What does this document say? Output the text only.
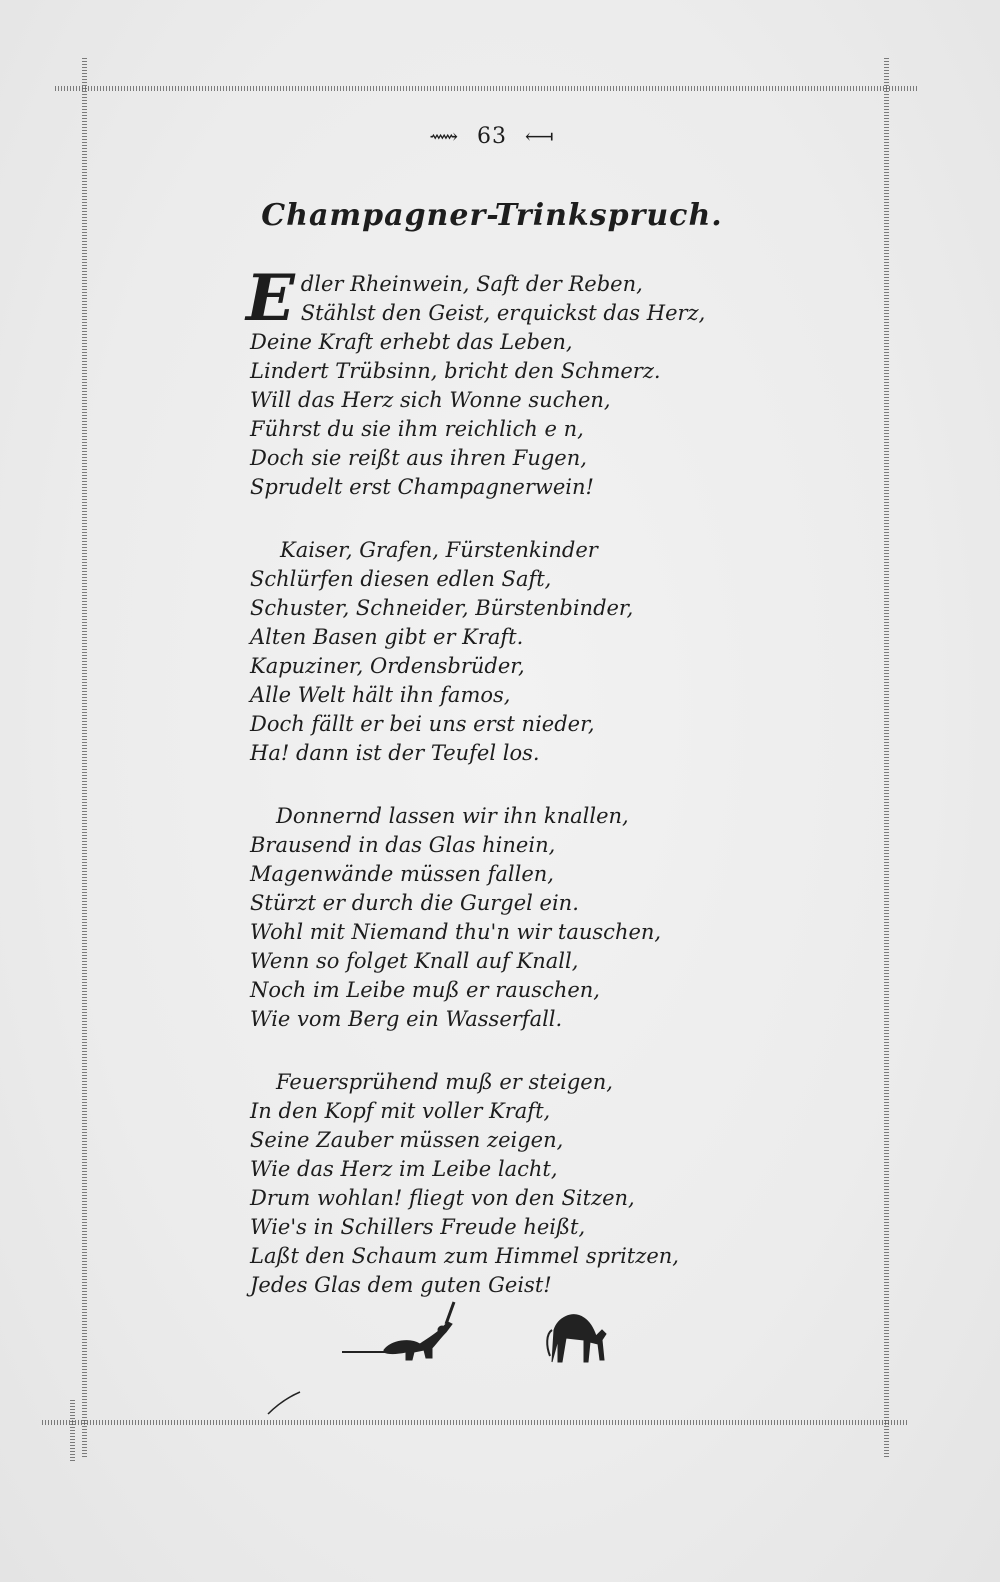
⟿ 63 ⟻
Champagner-Trinkspruch.
E dler Rheinwein, Saft der Reben,
Stählst den Geist, erquickst das Herz,
Deine Kraft erhebt das Leben,
Lindert Trübsinn, bricht den Schmerz.
Will das Herz sich Wonne suchen,
Führst du sie ihm reichlich e n,
Doch sie reißt aus ihren Fugen,
Sprudelt erst Champagnerwein!
Kaiser, Grafen, Fürstenkinder
Schlürfen diesen edlen Saft,
Schuster, Schneider, Bürstenbinder,
Alten Basen gibt er Kraft.
Kapuziner, Ordensbrüder,
Alle Welt hält ihn famos,
Doch fällt er bei uns erst nieder,
Ha! dann ist der Teufel los.
Donnernd lassen wir ihn knallen,
Brausend in das Glas hinein,
Magenwände müssen fallen,
Stürzt er durch die Gurgel ein.
Wohl mit Niemand thu'n wir tauschen,
Wenn so folget Knall auf Knall,
Noch im Leibe muß er rauschen,
Wie vom Berg ein Wasserfall.
Feuersprühend muß er steigen,
In den Kopf mit voller Kraft,
Seine Zauber müssen zeigen,
Wie das Herz im Leibe lacht,
Drum wohlan! fliegt von den Sitzen,
Wie's in Schillers Freude heißt,
Laßt den Schaum zum Himmel spritzen,
Jedes Glas dem guten Geist!
